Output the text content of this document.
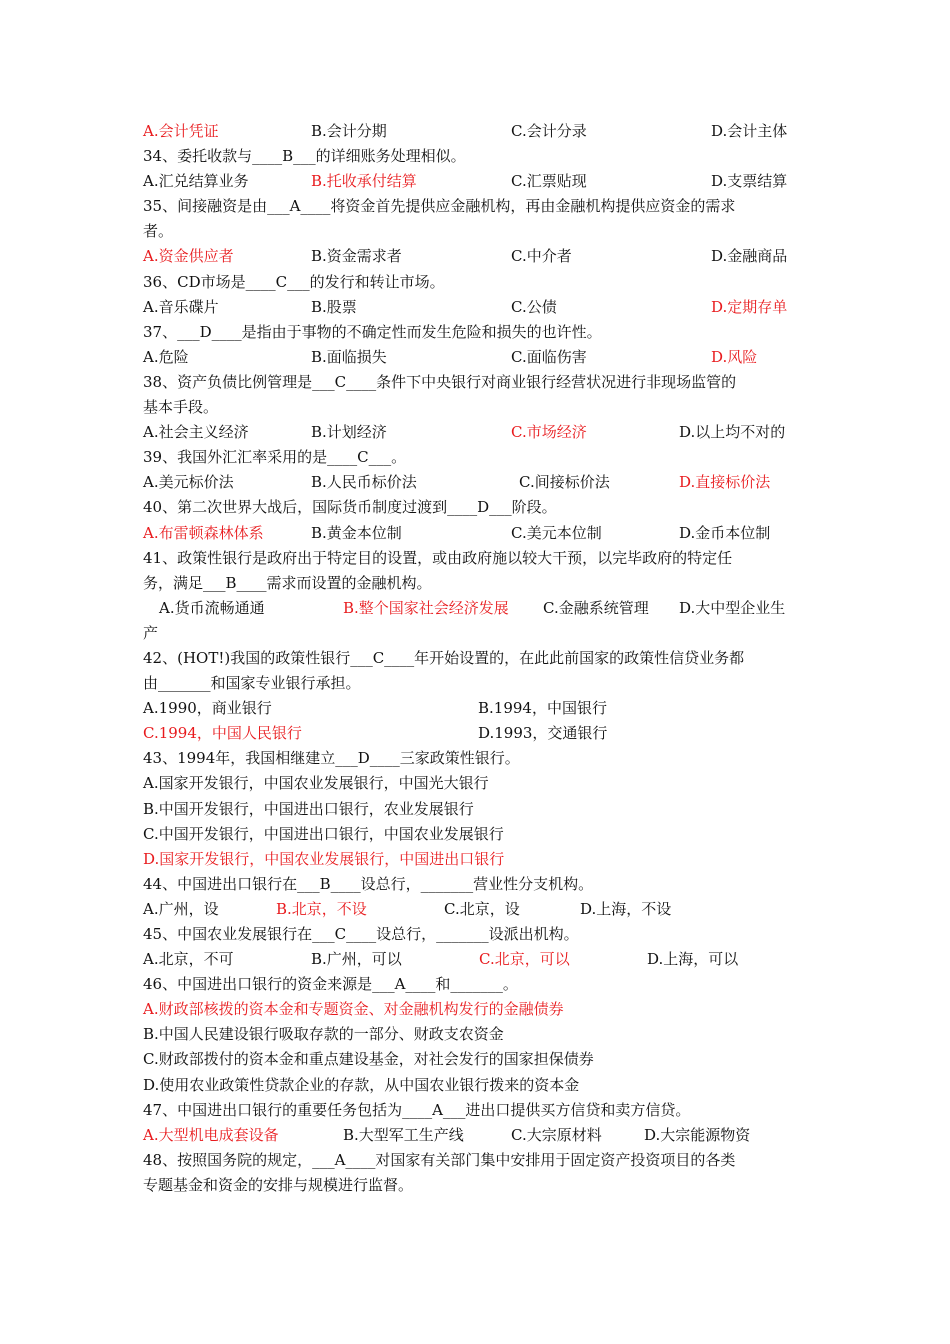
A.会计凭证	B.会计分期	C.会计分录	D.会计主体
34、委托收款与____B___的详细账务处理相似。
A.汇兑结算业务	B.托收承付结算	C.汇票贴现	D.支票结算
35、间接融资是由___A____将资金首先提供应金融机构，再由金融机构提供应资金的需求
者。
A.资金供应者	B.资金需求者	C.中介者	D.金融商品
36、CD市场是____C___的发行和转让市场。
A.音乐碟片	B.股票	C.公债	D.定期存单
37、___D____是指由于事物的不确定性而发生危险和损失的也许性。
A.危险	B.面临损失	C.面临伤害	D.风险
38、资产负债比例管理是___C____条件下中央银行对商业银行经营状况进行非现场监管的
基本手段。
A.社会主义经济	B.计划经济	C.市场经济	D.以上均不对的
39、我国外汇汇率采用的是____C___。
A.美元标价法	B.人民币标价法	C.间接标价法	D.直接标价法
40、第二次世界大战后，国际货币制度过渡到____D___阶段。
A.布雷顿森林体系	B.黄金本位制	C.美元本位制	D.金币本位制
41、政策性银行是政府出于特定目的设置，或由政府施以较大干预，以完毕政府的特定任
务，满足___B____需求而设置的金融机构。
A.货币流畅通通	B.整个国家社会经济发展	C.金融系统管理	D.大中型企业生
产
42、(HOT!)我国的政策性银行___C____年开始设置的，在此此前国家的政策性信贷业务都
由_______和国家专业银行承担。
A.1990，商业银行	B.1994，中国银行
C.1994，中国人民银行	D.1993，交通银行
43、1994年，我国相继建立___D____三家政策性银行。
A.国家开发银行，中国农业发展银行，中国光大银行
B.中国开发银行，中国进出口银行，农业发展银行
C.中国开发银行，中国进出口银行，中国农业发展银行
D.国家开发银行，中国农业发展银行，中国进出口银行
44、中国进出口银行在___B____设总行，_______营业性分支机构。
A.广州，设	B.北京，不设	C.北京，设	D.上海，不设
45、中国农业发展银行在___C____设总行，_______设派出机构。
A.北京，不可	B.广州，可以	C.北京，可以	D.上海，可以
46、中国进出口银行的资金来源是___A____和_______。
A.财政部核拨的资本金和专题资金、对金融机构发行的金融债券
B.中国人民建设银行吸取存款的一部分、财政支农资金
C.财政部拨付的资本金和重点建设基金，对社会发行的国家担保债券
D.使用农业政策性贷款企业的存款，从中国农业银行拨来的资本金
47、中国进出口银行的重要任务包括为____A___进出口提供买方信贷和卖方信贷。
A.大型机电成套设备	B.大型军工生产线	C.大宗原材料	D.大宗能源物资
48、按照国务院的规定，___A____对国家有关部门集中安排用于固定资产投资项目的各类
专题基金和资金的安排与规模进行监督。
